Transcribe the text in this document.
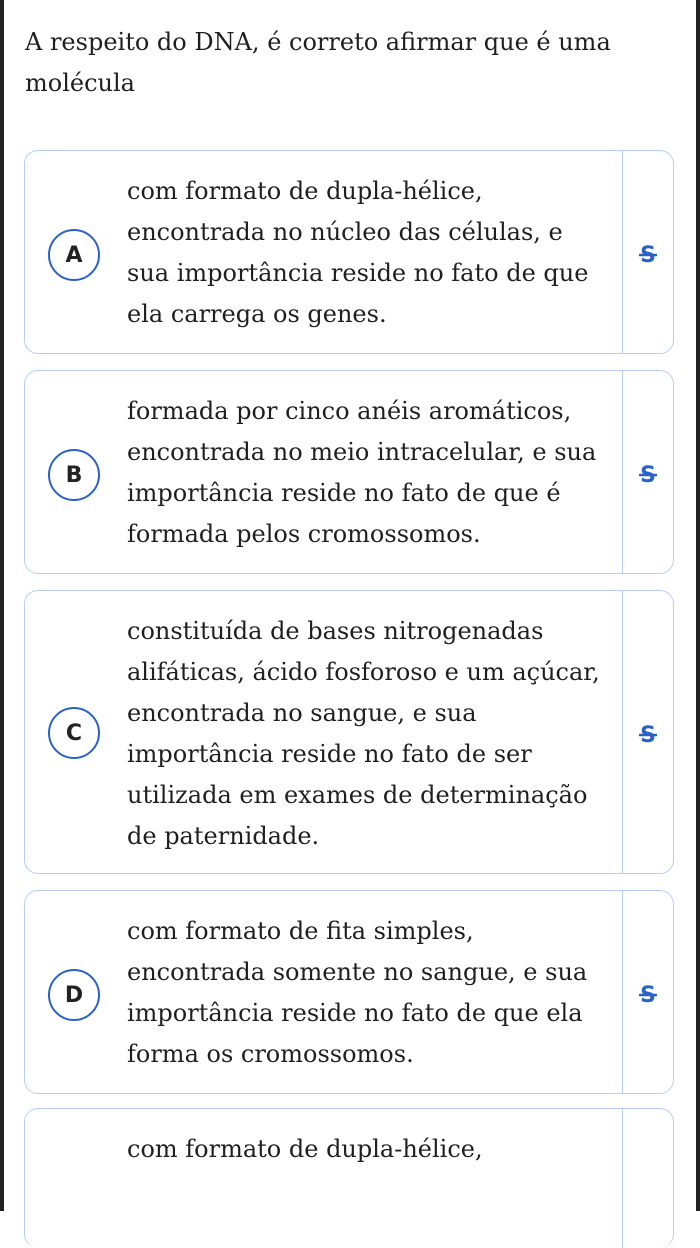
A respeito do DNA, é correto afirmar que é uma molécula
A
com formato de dupla-hélice, encontrada no núcleo das células, e sua importância reside no fato de que ela carrega os genes.
S
B
formada por cinco anéis aromáticos, encontrada no meio intracelular, e sua importância reside no fato de que é formada pelos cromossomos.
S
C
constituída de bases nitrogenadas alifáticas, ácido fosforoso e um açúcar, encontrada no sangue, e sua importância reside no fato de ser utilizada em exames de determinação de paternidade.
S
D
com formato de fita simples, encontrada somente no sangue, e sua importância reside no fato de que ela forma os cromossomos.
S
com formato de dupla-hélice,
